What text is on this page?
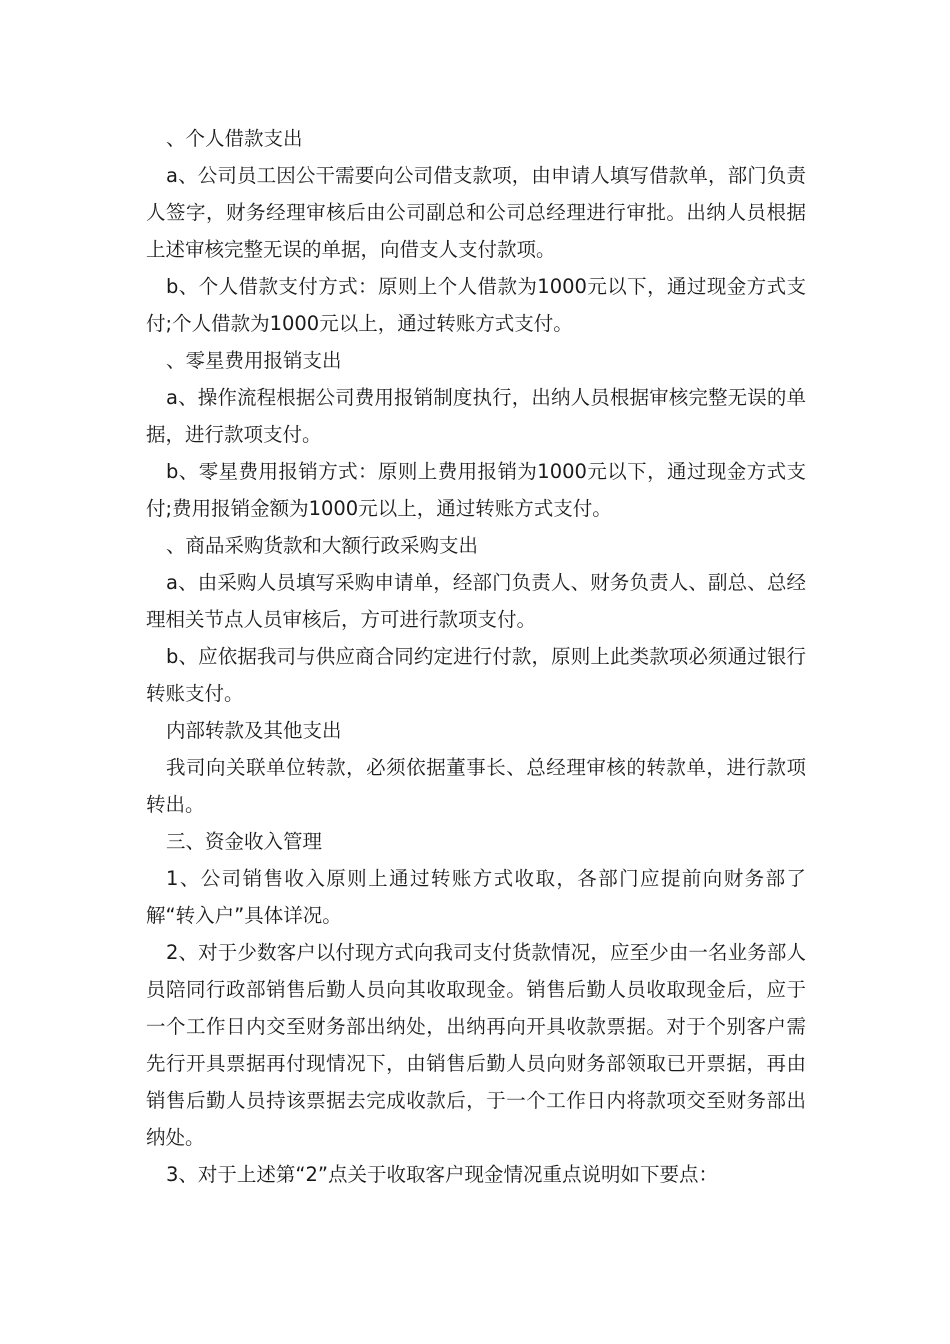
、个人借款支出

a、公司员工因公干需要向公司借支款项，由申请人填写借款单，部门负责人签字，财务经理审核后由公司副总和公司总经理进行审批。出纳人员根据上述审核完整无误的单据，向借支人支付款项。

b、个人借款支付方式：原则上个人借款为1000元以下，通过现金方式支付;个人借款为1000元以上，通过转账方式支付。

、零星费用报销支出

a、操作流程根据公司费用报销制度执行，出纳人员根据审核完整无误的单据，进行款项支付。

b、零星费用报销方式：原则上费用报销为1000元以下，通过现金方式支付;费用报销金额为1000元以上，通过转账方式支付。

、商品采购货款和大额行政采购支出

a、由采购人员填写采购申请单，经部门负责人、财务负责人、副总、总经理相关节点人员审核后，方可进行款项支付。

b、应依据我司与供应商合同约定进行付款，原则上此类款项必须通过银行转账支付。

内部转款及其他支出

我司向关联单位转款，必须依据董事长、总经理审核的转款单，进行款项转出。

三、资金收入管理

1、公司销售收入原则上通过转账方式收取，各部门应提前向财务部了解“转入户”具体详况。

2、对于少数客户以付现方式向我司支付货款情况，应至少由一名业务部人员陪同行政部销售后勤人员向其收取现金。销售后勤人员收取现金后，应于一个工作日内交至财务部出纳处，出纳再向开具收款票据。对于个别客户需先行开具票据再付现情况下，由销售后勤人员向财务部领取已开票据，再由销售后勤人员持该票据去完成收款后，于一个工作日内将款项交至财务部出纳处。

3、对于上述第“2”点关于收取客户现金情况重点说明如下要点：
